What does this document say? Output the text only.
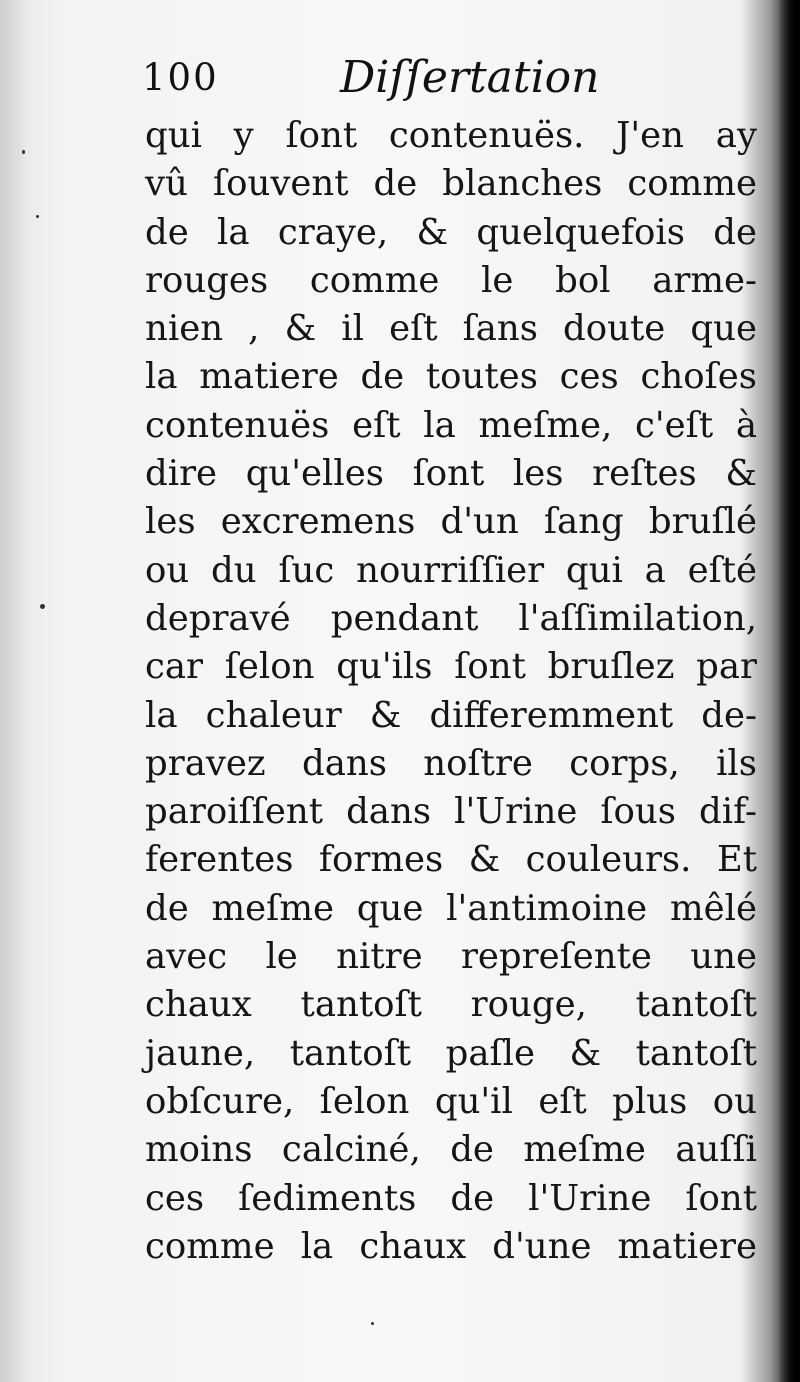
100	Diſſertation
qui y ſont contenuës. J'en ay
vû ſouvent de blanches comme
de la craye, & quelquefois de
rouges comme le bol arme-
nien , & il eſt ſans doute que
la matiere de toutes ces choſes
contenuës eſt la meſme, c'eſt à
dire qu'elles ſont les reſtes &
les excremens d'un ſang bruſlé
ou du ſuc nourriſſier qui a eſté
depravé pendant l'aſſimilation,
car ſelon qu'ils ſont bruſlez par
la chaleur & differemment de-
pravez dans noſtre corps, ils
paroiſſent dans l'Urine ſous dif-
ferentes formes & couleurs. Et
de meſme que l'antimoine mêlé
avec le nitre repreſente une
chaux tantoſt rouge, tantoſt
jaune, tantoſt paſle & tantoſt
obſcure, ſelon qu'il eſt plus ou
moins calciné, de meſme auſſi
ces ſediments de l'Urine ſont
comme la chaux d'une matiere
